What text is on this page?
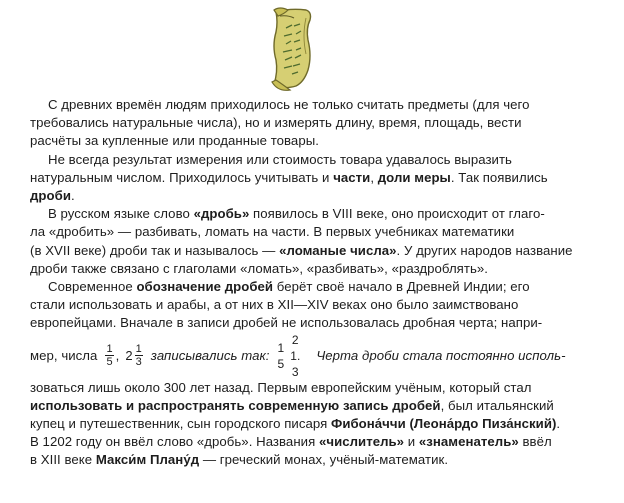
С древних времён людям приходилось не только считать предметы (для чего
требовались натуральные числа), но и измерять длину, время, площадь, вести
расчёты за купленные или проданные товары.

Не всегда результат измерения или стоимость товара удавалось выразить
натуральным числом. Приходилось учитывать и части, доли меры. Так появились
дроби.

В русском языке слово «дробь» появилось в VIII веке, оно происходит от глаго-
ла «дробить» — разбивать, ломать на части. В первых учебниках математики
(в XVII веке) дроби так и называлось — «ломаные числа». У других народов название
дроби также связано с глаголами «ломать», «разбивать», «раздроблять».

Современное обозначение дробей берёт своё начало в Древней Индии; его
стали использовать и арабы, а от них в XII—XIV веках оно было заимствовано
европейцами. Вначале в записи дробей не использовалась дробная черта; напри-
мер, числа $\frac{1}{5}$ , $2 \frac{1}{3}$ записывались так: 1
5
2
1.
3
Черта дроби стала постоянно исполь-
зоваться лишь около 300 лет назад. Первым европейским учёным, который стал
использовать и распространять современную запись дробей, был итальянский
купец и путешественник, сын городского писаря Фибона́ччи (Леона́рдо Пиза́нский).
В 1202 году он ввёл слово «дробь». Названия «числитель» и «знаменатель» ввёл
в XIII веке Макси́м Плану́д — греческий монах, учёный-математик.
